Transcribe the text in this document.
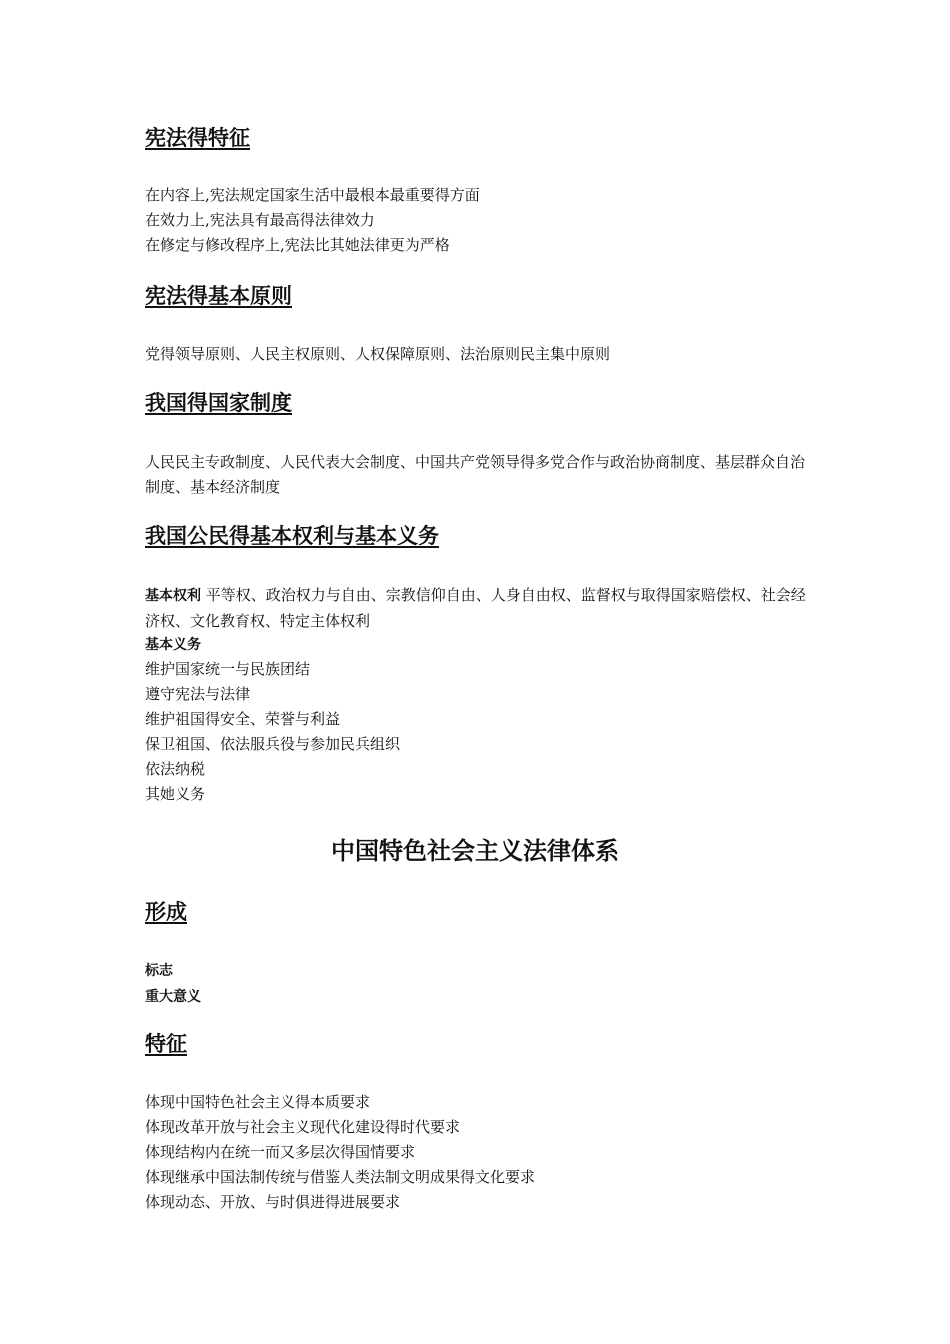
宪法得特征
在内容上,宪法规定国家生活中最根本最重要得方面
在效力上,宪法具有最高得法律效力
在修定与修改程序上,宪法比其她法律更为严格
宪法得基本原则

党得领导原则、人民主权原则、人权保障原则、法治原则民主集中原则

我国得国家制度

人民民主专政制度、人民代表大会制度、中国共产党领导得多党合作与政治协商制度、基层群众自治制度、基本经济制度

我国公民得基本权利与基本义务

基本权利 平等权、政治权力与自由、宗教信仰自由、人身自由权、监督权与取得国家赔偿权、社会经济权、文化教育权、特定主体权利

基本义务

维护国家统一与民族团结
遵守宪法与法律
维护祖国得安全、荣誉与利益
保卫祖国、依法服兵役与参加民兵组织
依法纳税
其她义务
中国特色社会主义法律体系
形成
标志
重大意义
特征
体现中国特色社会主义得本质要求
体现改革开放与社会主义现代化建设得时代要求
体现结构内在统一而又多层次得国情要求
体现继承中国法制传统与借鉴人类法制文明成果得文化要求
体现动态、开放、与时俱进得进展要求
